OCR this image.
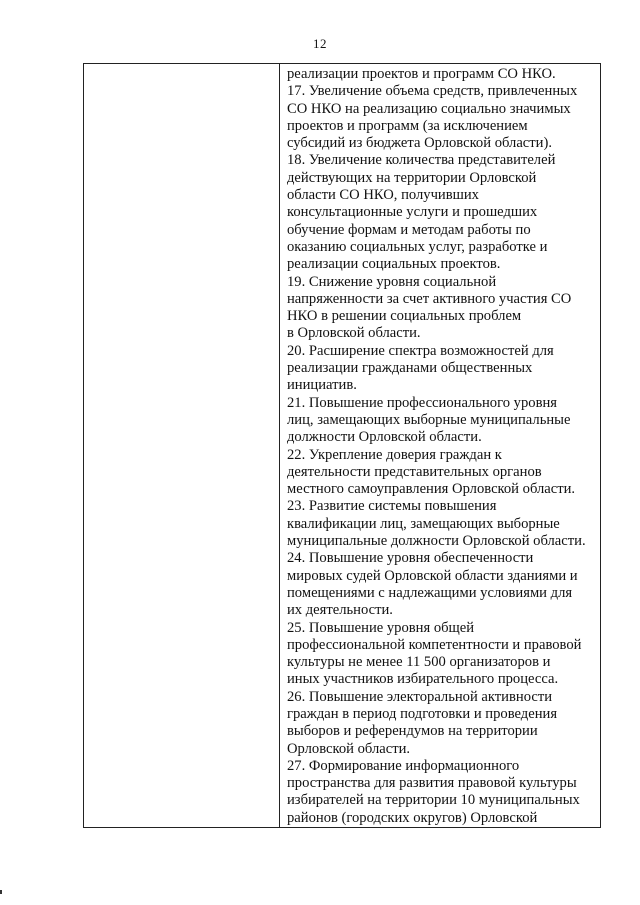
12
реализации проектов и программ СО НКО.
17. Увеличение объема средств, привлеченных
СО НКО на реализацию социально значимых
проектов и программ (за исключением
субсидий из бюджета Орловской области).
18. Увеличение количества представителей
действующих на территории Орловской
области СО НКО, получивших
консультационные услуги и прошедших
обучение формам и методам работы по
оказанию социальных услуг, разработке и
реализации социальных проектов.
19. Снижение уровня социальной
напряженности за счет активного участия СО
НКО в решении социальных проблем
в Орловской области.
20. Расширение спектра возможностей для
реализации гражданами общественных
инициатив.
21. Повышение профессионального уровня
лиц, замещающих выборные муниципальные
должности Орловской области.
22. Укрепление доверия граждан к
деятельности представительных органов
местного самоуправления Орловской области.
23. Развитие системы повышения
квалификации лиц, замещающих выборные
муниципальные должности Орловской области.
24. Повышение уровня обеспеченности
мировых судей Орловской области зданиями и
помещениями с надлежащими условиями для
их деятельности.
25. Повышение уровня общей
профессиональной компетентности и правовой
культуры не менее 11 500 организаторов и
иных участников избирательного процесса.
26. Повышение электоральной активности
граждан в период подготовки и проведения
выборов и референдумов на территории
Орловской области.
27. Формирование информационного
пространства для развития правовой культуры
избирателей на территории 10 муниципальных
районов (городских округов) Орловской
